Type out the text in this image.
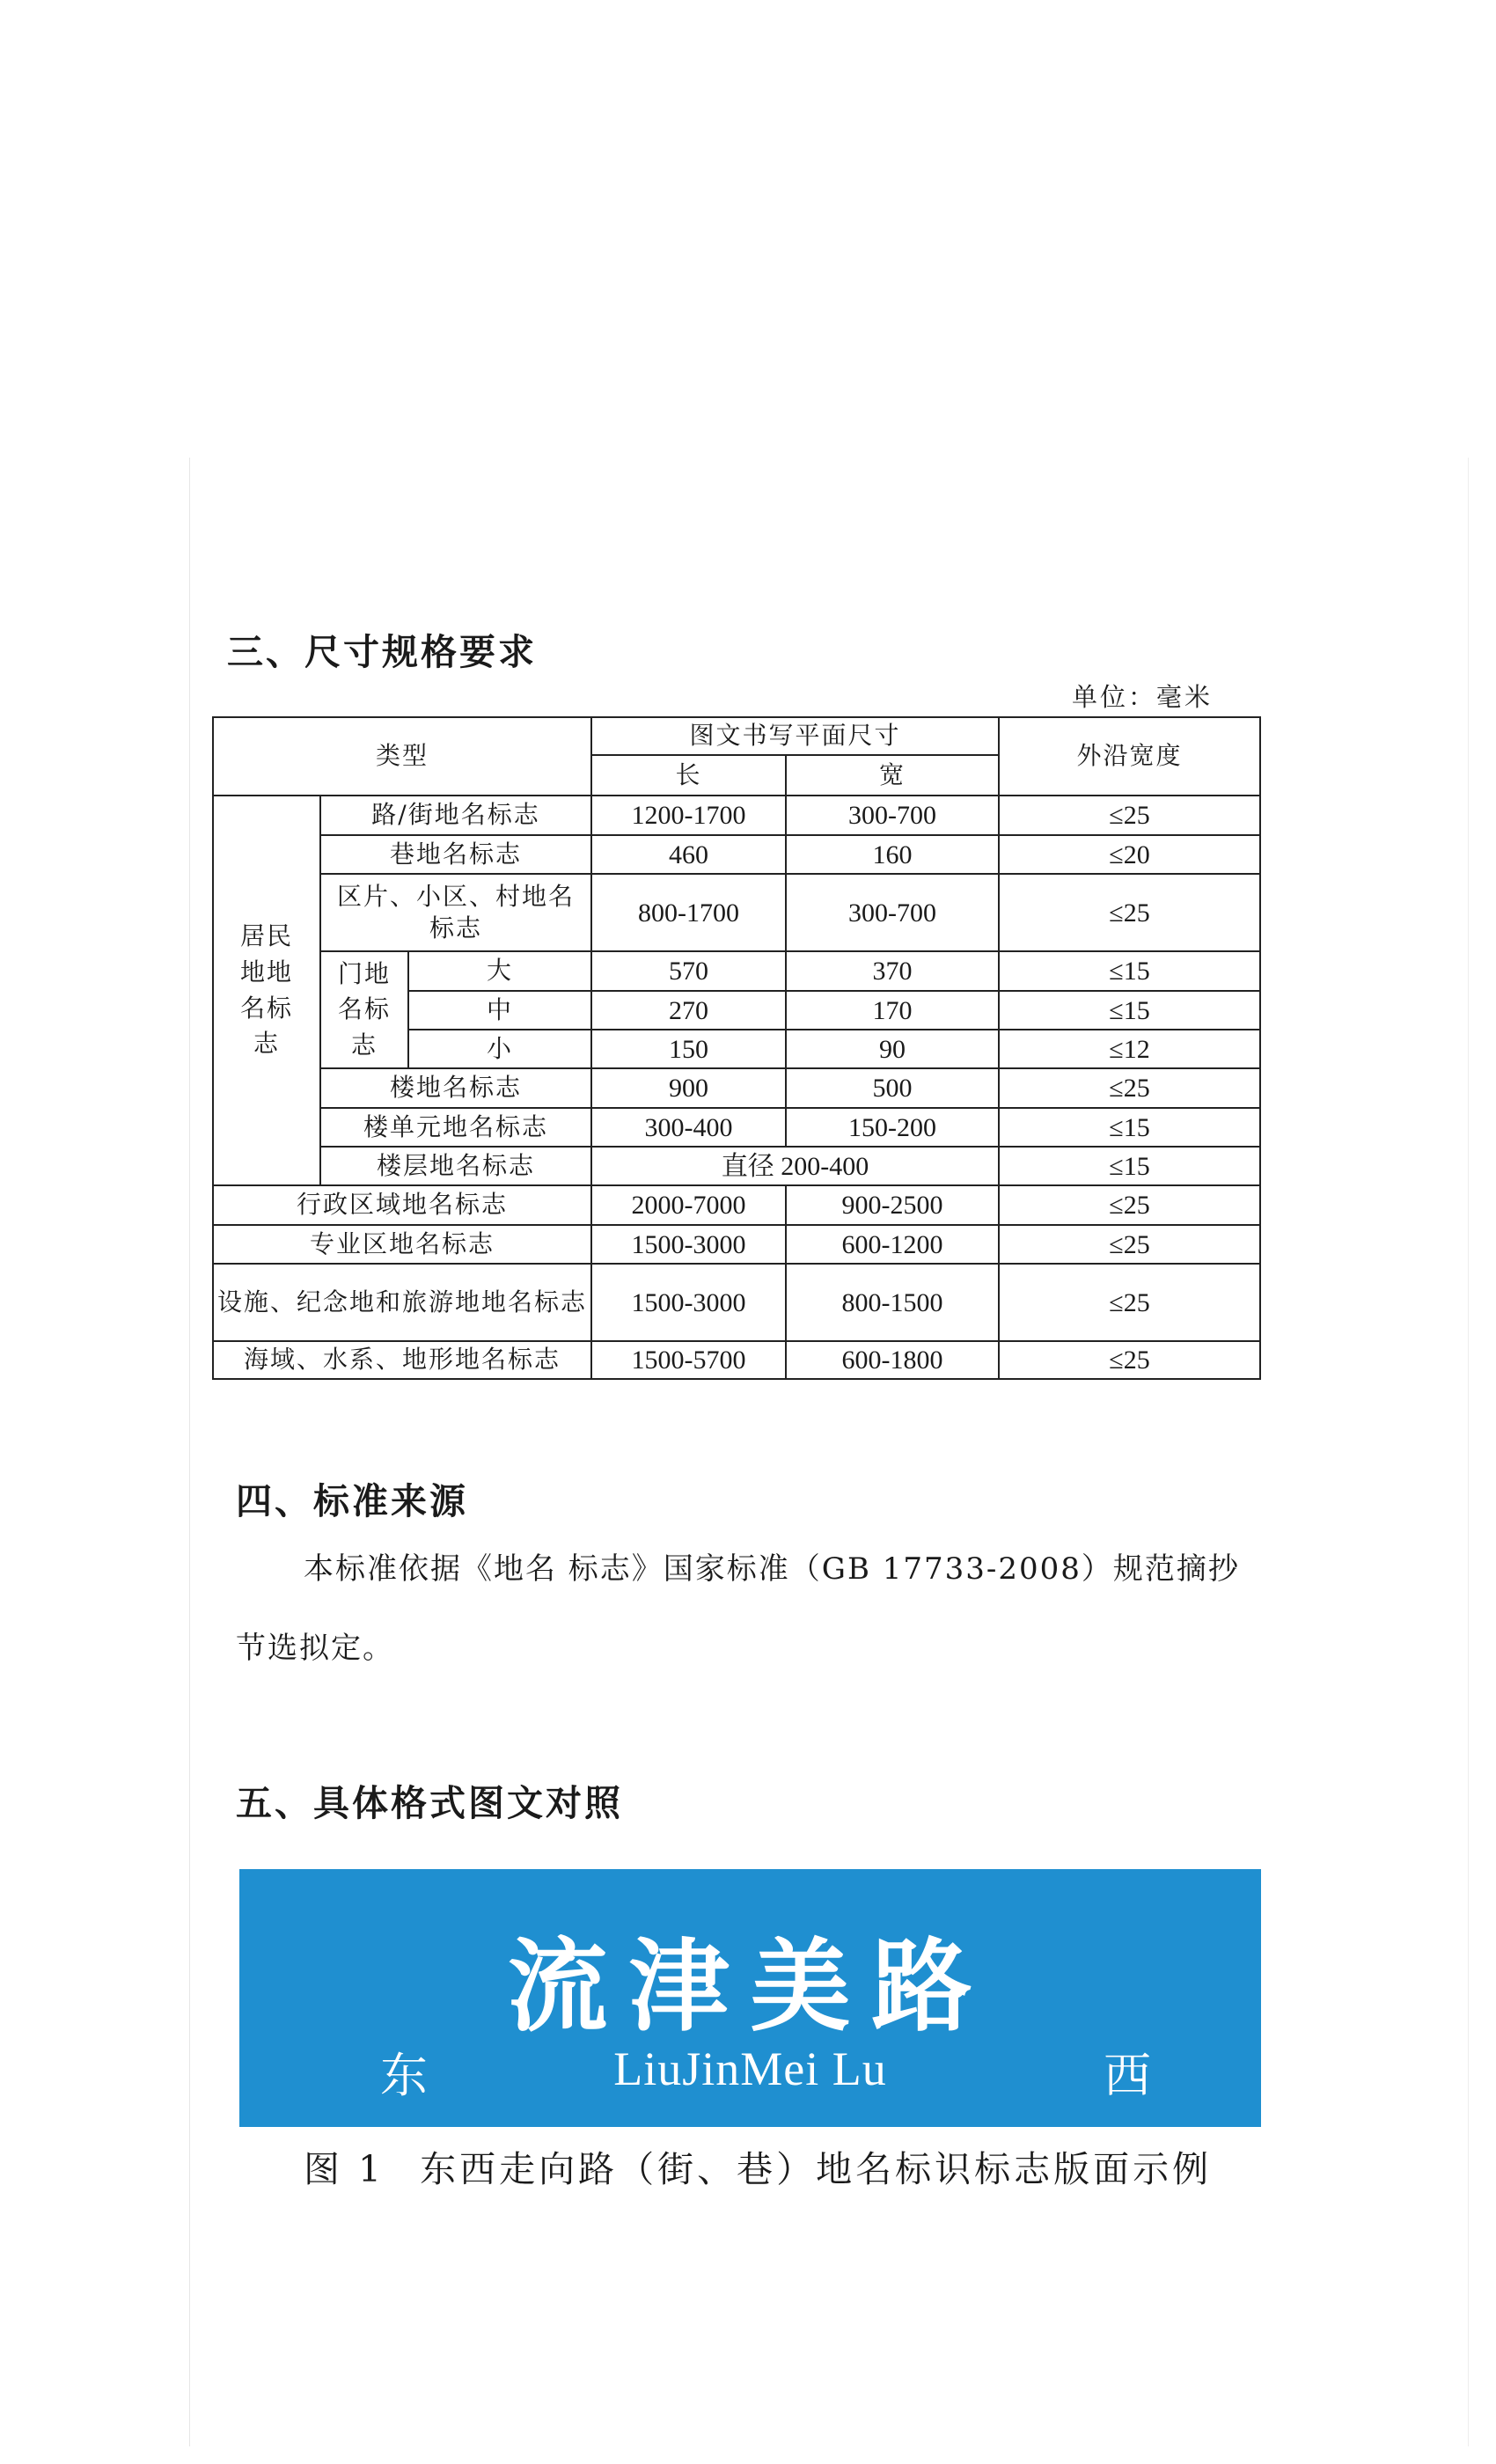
三、尺寸规格要求
单位：毫米
类型			图文书写平面尺寸		外沿宽度
			长	宽	

居民地地名标志	路/街地名标志		1200-1700	300-700	≤25
	巷地名标志		460	160	≤20

	区片、小区、村地名标志		800-1700	300-700	≤25

	门地名标志	大	570	370	≤15
		中	270	170	≤15
		小	150	90	≤12
	楼地名标志		900	500	≤25
	楼单元地名标志		300-400	150-200	≤15
	楼层地名标志		直径 200-400		≤15
行政区域地名标志			2000-7000	900-2500	≤25
专业区地名标志			1500-3000	600-1200	≤25

设施、纪念地和旅游地地名标志			1500-3000	800-1500	≤25
海域、水系、地形地名标志			1500-5700	600-1800	≤25
四、标准来源
本标准依据《地名 标志》国家标准（GB 17733-2008）规范摘抄
节选拟定。
五、具体格式图文对照
流津美路
东	LiuJinMei Lu	西
图 1 东西走向路（街、巷）地名标识标志版面示例
